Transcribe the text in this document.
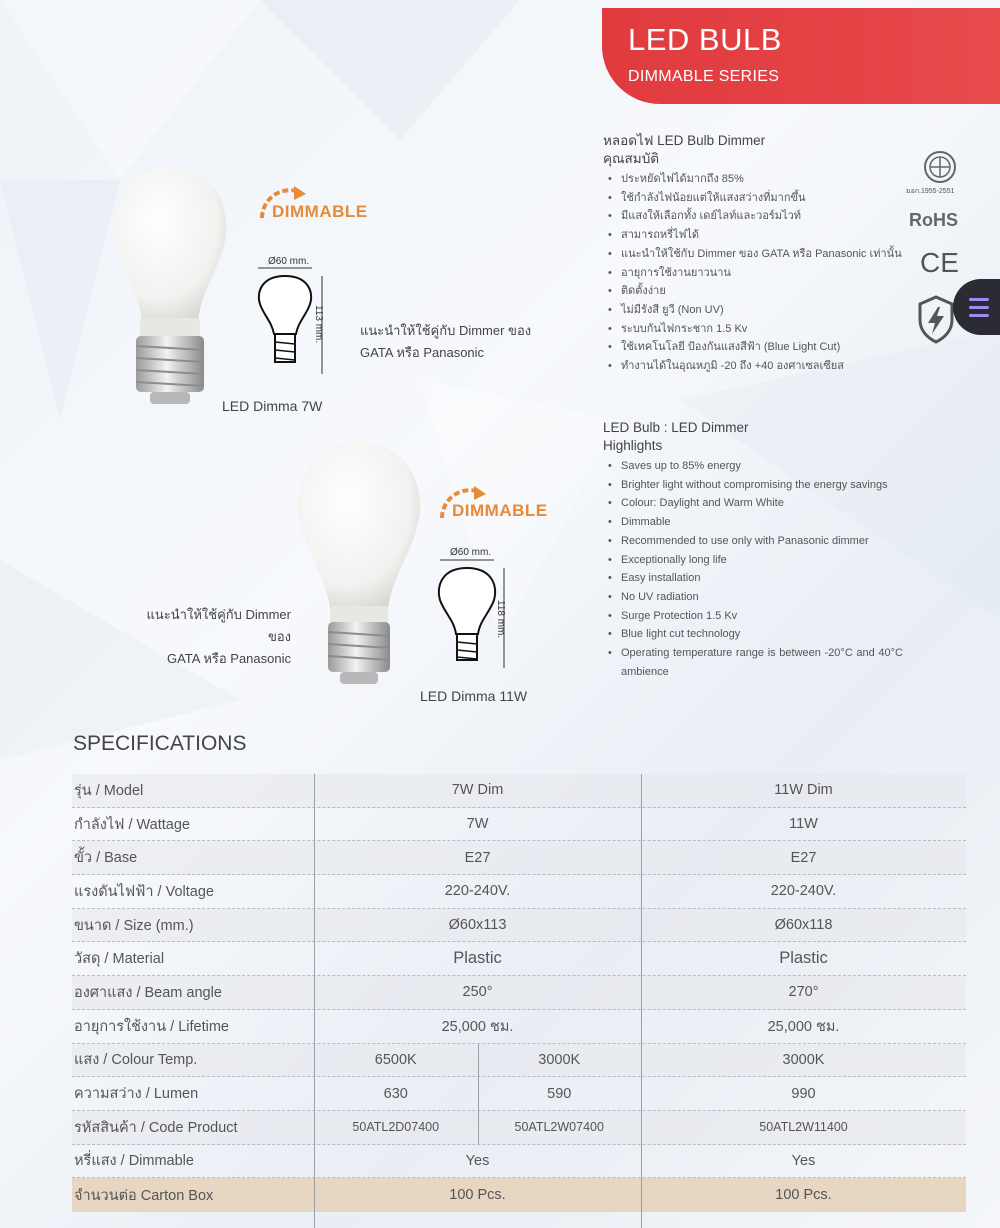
LED BULB
DIMMABLE SERIES
DIMMABLE
Ø60 mm.
113 mm.	แนะนำให้ใช้คู่กับ Dimmer ของ
GATA หรือ Panasonic
LED Dimma 7W
DIMMABLE
Ø60 mm.
118 mm.
แนะนำให้ใช้คู่กับ Dimmer ของ
GATA หรือ Panasonic
LED Dimma 11W
หลอดไฟ LED Bulb Dimmer
คุณสมบัติ
• ประหยัดไฟได้มากถึง 85%
• ใช้กำลังไฟน้อยแต่ให้แสงสว่างที่มากขึ้น
• มีแสงให้เลือกทั้ง เดย์ไลท์และวอร์มไวท์
• สามารถหรี่ไฟได้
• แนะนำให้ใช้กับ Dimmer ของ GATA หรือ Panasonic เท่านั้น
• อายุการใช้งานยาวนาน
• ติดตั้งง่าย
• ไม่มีรังสี ยูวี (Non UV)
• ระบบกันไฟกระชาก 1.5 Kv
• ใช้เทคโนโลยี ป้องกันแสงสีฟ้า (Blue Light Cut)
• ทำงานได้ในอุณหภูมิ -20 ถึง +40 องศาเซลเซียส
LED Bulb : LED Dimmer
Highlights
• Saves up to 85% energy
• Brighter light without compromising the energy savings
• Colour: Daylight and Warm White
• Dimmable
• Recommended to use only with Panasonic dimmer
• Exceptionally long life
• Easy installation
• No UV radiation
• Surge Protection 1.5 Kv
• Blue light cut technology
• Operating temperature range is between -20°C and 40°C ambience
มอก.1955-2551
RoHS
CE
SPECIFICATIONS
รุ่น / Model	7W Dim	11W Dim
กำลังไฟ / Wattage	7W	11W
ขั้ว / Base	E27	E27
แรงดันไฟฟ้า / Voltage	220-240V.	220-240V.
ขนาด / Size (mm.)	Ø60x113	Ø60x118
วัสดุ / Material	Plastic	Plastic
องศาแสง / Beam angle	250°	270°
อายุการใช้งาน / Lifetime	25,000 ชม.	25,000 ชม.
แสง / Colour Temp.	6500K	3000K	3000K
ความสว่าง / Lumen	630	590	990
รหัสสินค้า / Code Product	50ATL2D07400	50ATL2W07400	50ATL2W11400
หรี่แสง / Dimmable	Yes	Yes
จำนวนต่อ Carton Box	100 Pcs.	100 Pcs.
